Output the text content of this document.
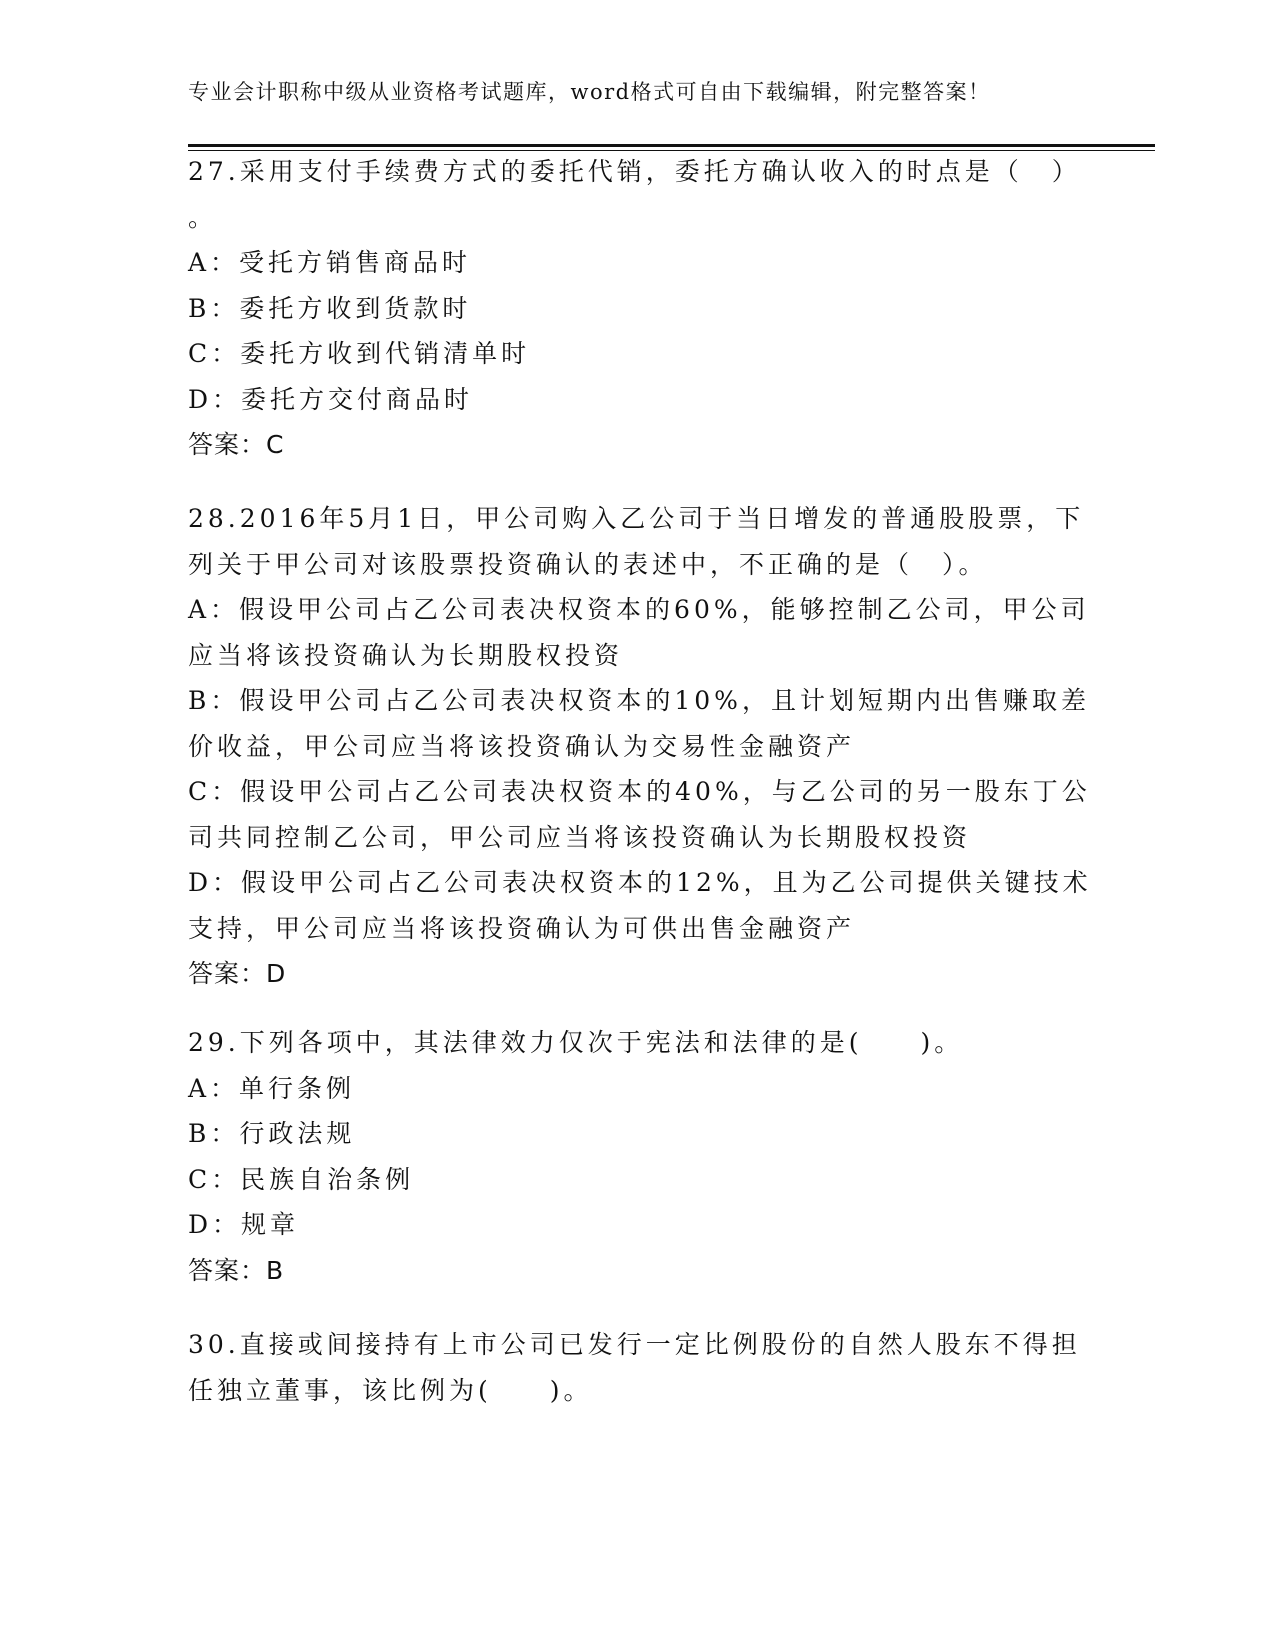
专业会计职称中级从业资格考试题库，word格式可自由下载编辑，附完整答案！
27.采用支付手续费方式的委托代销，委托方确认收入的时点是（　）
。
A：受托方销售商品时
B：委托方收到货款时
C：委托方收到代销清单时
D：委托方交付商品时
答案：C
28.2016年5月1日，甲公司购入乙公司于当日增发的普通股股票，下
列关于甲公司对该股票投资确认的表述中，不正确的是（　）。
A：假设甲公司占乙公司表决权资本的60%，能够控制乙公司，甲公司
应当将该投资确认为长期股权投资
B：假设甲公司占乙公司表决权资本的10%，且计划短期内出售赚取差
价收益，甲公司应当将该投资确认为交易性金融资产
C：假设甲公司占乙公司表决权资本的40%，与乙公司的另一股东丁公
司共同控制乙公司，甲公司应当将该投资确认为长期股权投资
D：假设甲公司占乙公司表决权资本的12%，且为乙公司提供关键技术
支持，甲公司应当将该投资确认为可供出售金融资产
答案：D
29.下列各项中，其法律效力仅次于宪法和法律的是(　　)。
A：单行条例
B：行政法规
C：民族自治条例
D：规章
答案：B
30.直接或间接持有上市公司已发行一定比例股份的自然人股东不得担
任独立董事，该比例为(　　)。
